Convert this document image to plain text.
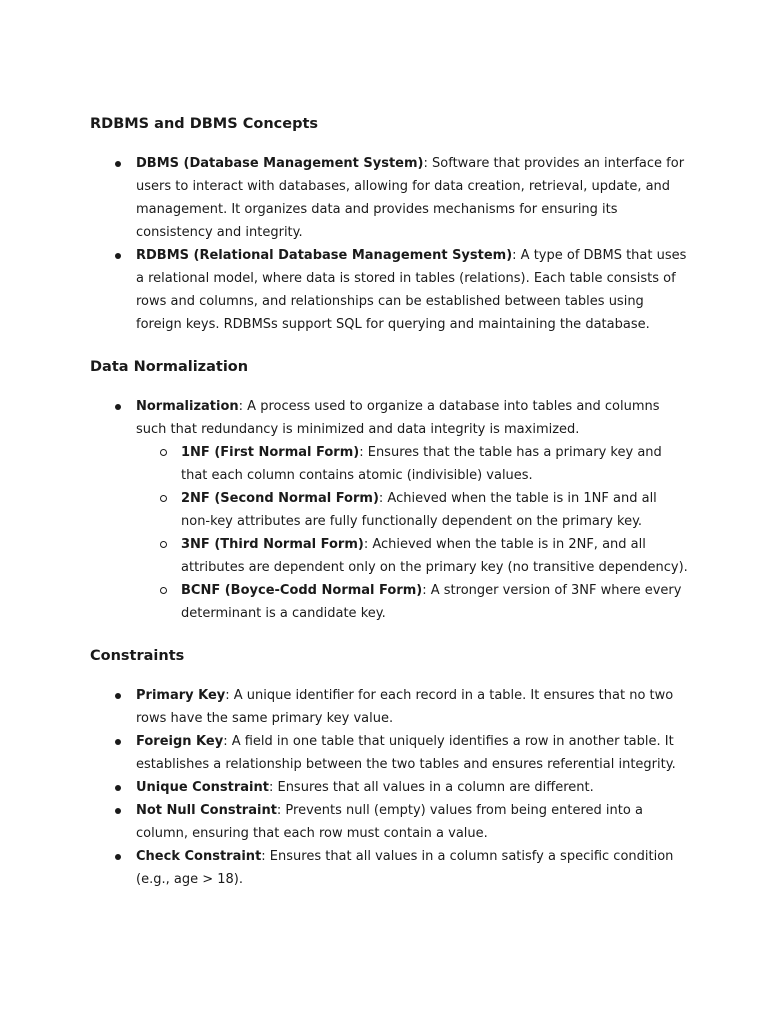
RDBMS and DBMS Concepts
DBMS (Database Management System): Software that provides an interface for users to interact with databases, allowing for data creation, retrieval, update, and management. It organizes data and provides mechanisms for ensuring its consistency and integrity.
RDBMS (Relational Database Management System): A type of DBMS that uses a relational model, where data is stored in tables (relations). Each table consists of rows and columns, and relationships can be established between tables using foreign keys. RDBMSs support SQL for querying and maintaining the database.
Data Normalization
Normalization: A process used to organize a database into tables and columns such that redundancy is minimized and data integrity is maximized.
1NF (First Normal Form): Ensures that the table has a primary key and that each column contains atomic (indivisible) values.
2NF (Second Normal Form): Achieved when the table is in 1NF and all non-key attributes are fully functionally dependent on the primary key.
3NF (Third Normal Form): Achieved when the table is in 2NF, and all attributes are dependent only on the primary key (no transitive dependency).
BCNF (Boyce-Codd Normal Form): A stronger version of 3NF where every determinant is a candidate key.
Constraints
Primary Key: A unique identifier for each record in a table. It ensures that no two rows have the same primary key value.
Foreign Key: A field in one table that uniquely identifies a row in another table. It establishes a relationship between the two tables and ensures referential integrity.
Unique Constraint: Ensures that all values in a column are different.
Not Null Constraint: Prevents null (empty) values from being entered into a column, ensuring that each row must contain a value.
Check Constraint: Ensures that all values in a column satisfy a specific condition (e.g., age > 18).
